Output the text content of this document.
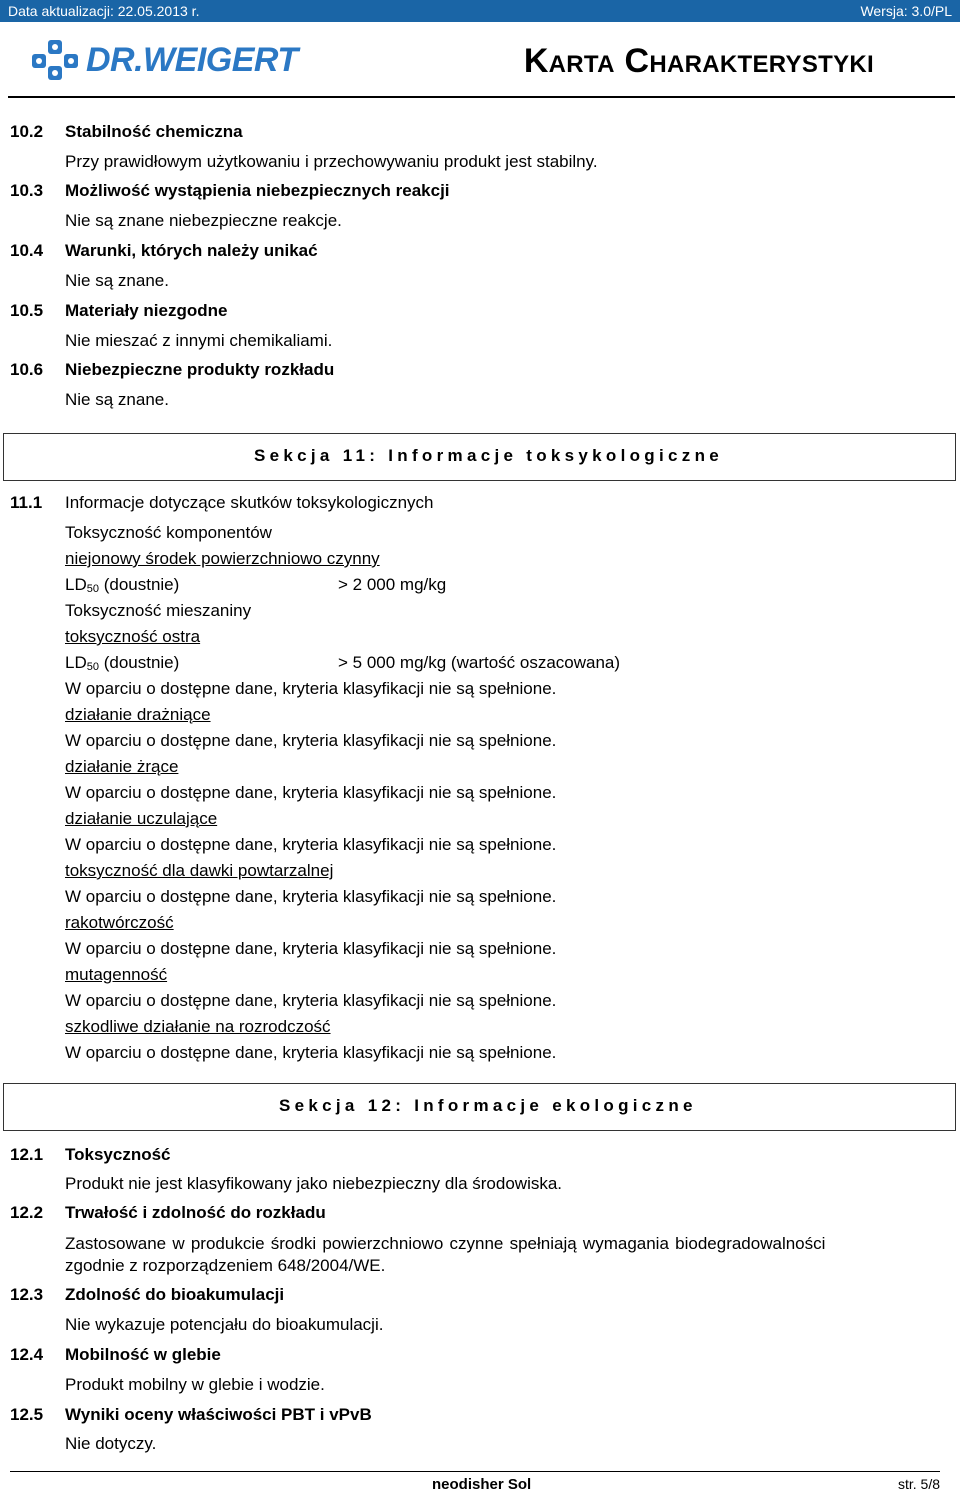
Data aktualizacji: 22.05.2013 r.	Wersja: 3.0/PL
DR.WEIGERT	Karta Charakterystyki
10.2 Stabilność chemiczna
Przy prawidłowym użytkowaniu i przechowywaniu produkt jest stabilny.
10.3 Możliwość wystąpienia niebezpiecznych reakcji
Nie są znane niebezpieczne reakcje.
10.4 Warunki, których należy unikać
Nie są znane.
10.5 Materiały niezgodne
Nie mieszać z innymi chemikaliami.
10.6 Niebezpieczne produkty rozkładu
Nie są znane.
Sekcja 11: Informacje toksykologiczne
11.1 Informacje dotyczące skutków toksykologicznych
Toksyczność komponentów
niejonowy środek powierzchniowo czynny
$LD_{50}$ (doustnie)	> 2 000 mg/kg
Toksyczność mieszaniny
toksyczność ostra
$LD_{50}$ (doustnie)	> 5 000 mg/kg (wartość oszacowana)
W oparciu o dostępne dane, kryteria klasyfikacji nie są spełnione.
działanie drażniące
W oparciu o dostępne dane, kryteria klasyfikacji nie są spełnione.
działanie żrące
W oparciu o dostępne dane, kryteria klasyfikacji nie są spełnione.
działanie uczulające
W oparciu o dostępne dane, kryteria klasyfikacji nie są spełnione.
toksyczność dla dawki powtarzalnej
W oparciu o dostępne dane, kryteria klasyfikacji nie są spełnione.
rakotwórczość
W oparciu o dostępne dane, kryteria klasyfikacji nie są spełnione.
mutagenność
W oparciu o dostępne dane, kryteria klasyfikacji nie są spełnione.
szkodliwe działanie na rozrodczość
W oparciu o dostępne dane, kryteria klasyfikacji nie są spełnione.
Sekcja 12: Informacje ekologiczne
12.1 Toksyczność
Produkt nie jest klasyfikowany jako niebezpieczny dla środowiska.
12.2 Trwałość i zdolność do rozkładu
Zastosowane w produkcie środki powierzchniowo czynne spełniają wymagania biodegradowalności
zgodnie z rozporządzeniem 648/2004/WE.
12.3 Zdolność do bioakumulacji
Nie wykazuje potencjału do bioakumulacji.
12.4 Mobilność w glebie
Produkt mobilny w glebie i wodzie.
12.5 Wyniki oceny właściwości PBT i vPvB
Nie dotyczy.
neodisher Sol	str. 5/8
